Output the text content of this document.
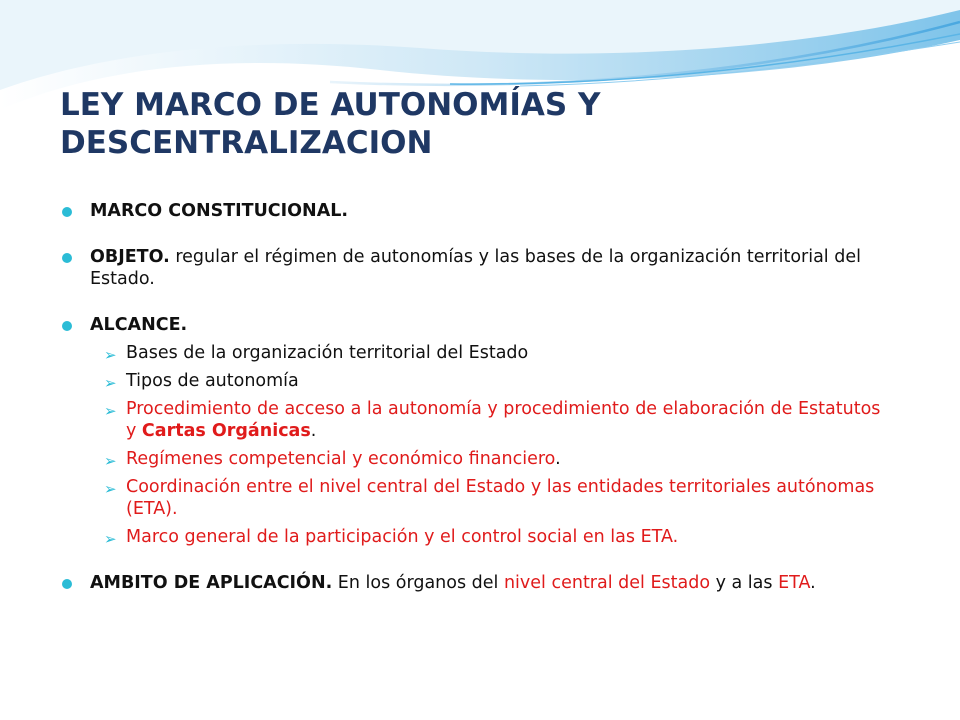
LEY MARCO DE AUTONOMÍAS Y
DESCENTRALIZACION
MARCO CONSTITUCIONAL.
OBJETO. regular el régimen de autonomías y las bases de la organización territorial del Estado.
ALCANCE.
➢ Bases de la organización territorial del Estado
➢ Tipos de autonomía
➢ Procedimiento de acceso a la autonomía y procedimiento de elaboración de Estatutos y Cartas Orgánicas.
➢ Regímenes competencial y económico financiero.
➢ Coordinación entre el nivel central del Estado y las entidades territoriales autónomas (ETA).
➢ Marco general de la participación y el control social en las ETA.
AMBITO DE APLICACIÓN. En los órganos del nivel central del Estado y a las ETA.
